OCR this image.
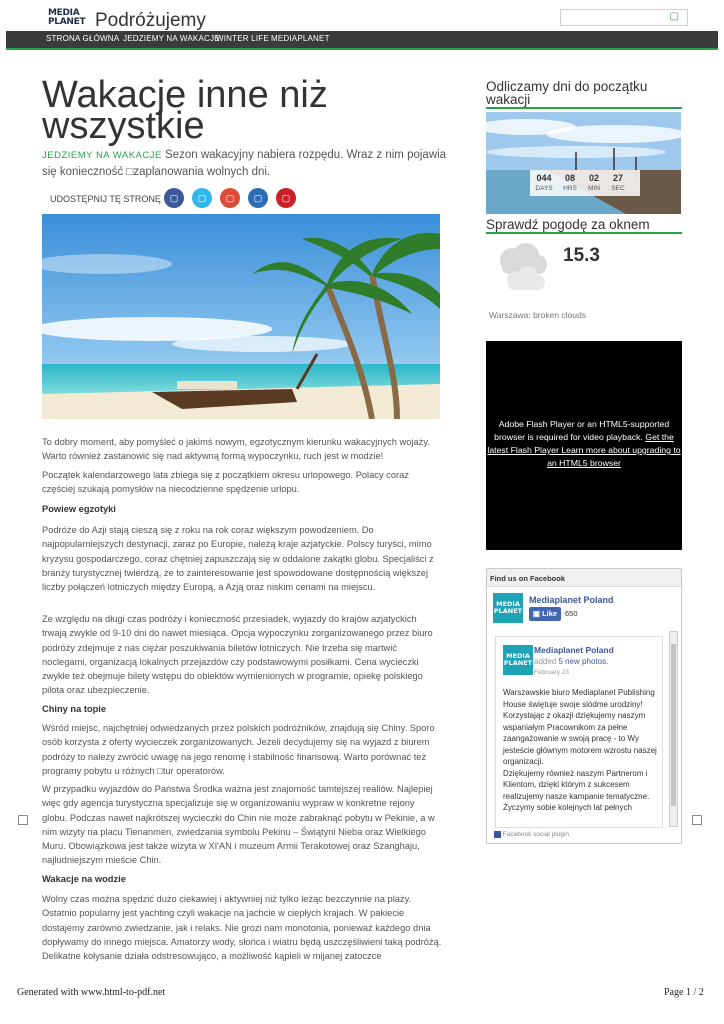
MEDIA
PLANET Podróżujemy	▢
STRONA GŁÓWNA JEDZIEMY NA WAKACJE
WINTER LIFE MEDIAPLANET
Wakacje inne niż wszystkie
JEDZIEMY NA WAKACJE Sezon wakacyjny nabiera rozpędu. Wraz z nim pojawia się konieczność □zaplanowania wolnych dni.
UDOSTĘPNIJ TĘ STRONĘ ▢	▢	▢	▢	▢

To dobry moment, aby pomyśleć o jakimś nowym, egzotycznym kierunku wakacyjnych wojaży. Warto również zastanowić się nad aktywną formą wypoczynku, ruch jest w modzie!

Początek kalendarzowego lata zbiega się z początkiem okresu urlopowego. Polacy coraz częściej szukają pomysłów na niecodzienne spędzenie urlopu.

Powiew egzotyki

Podróże do Azji stają cieszą się z roku na rok coraz większym powodzeniem. Do najpopularniejszych destynacji, zaraz po Europie, należą kraje azjatyckie. Polscy turyści, mimo kryzysu gospodarczego, coraz chętniej zapuszczają się w oddalone zakątki globu. Specjaliści z branży turystycznej twierdzą, że to zainteresowanie jest spowodowane dostępnością większej liczby połączeń lotniczych między Europą, a Azją oraz niskim cenami na miejscu.

Ze względu na długi czas podróży i konieczność przesiadek, wyjazdy do krajów azjatyckich trwają zwykle od 9-10 dni do nawet miesiąca. Opcja wypoczynku zorganizowanego przez biuro podróży zdejmuje z nas ciężar poszukiwania biletów lotniczych. Nie trzeba się martwić noclegami, organizacją lokalnych przejazdów czy podstawowymi posiłkami. Cena wycieczki zwykle też obejmuje bilety wstępu do obiektów wymienionych w programie, opiekę polskiego pilota oraz ubezpieczenie.

Chiny na topie

Wśród miejsc, najchętniej odwiedzanych przez polskich podróżników, znajdują się Chiny. Sporo osób korzysta z oferty wycieczek zorganizowanych. Jeżeli decydujemy się na wyjazd z biurem podróży to należy zwrócić uwagę na jego renomę i stabilność finansową. Warto porównać też programy pobytu u różnych □tur operatorów.

W przypadku wyjazdów do Państwa Środka ważna jest znajomość tamtejszej realiów. Najlepiej więc gdy agencja turystyczna specjalizuje się w organizowaniu wypraw w konkretne rejony globu. Podczas nawet najkrótszej wycieczki do Chin nie może zabraknąć pobytu w Pekinie, a w nim wizyty na placu Tienanmen, zwiedzania symbolu Pekinu – Świątyni Nieba oraz Wielkiego Muru. Obowiązkowa jest także wizyta w XI'AN i muzeum Armii Terakotowej oraz Szanghaju, najludniejszym mieście Chin.

Wakacje na wodzie

Wolny czas można spędzić dużo ciekawiej i aktywniej niż tylko leżąc bezczynnie na plaży. Ostatnio popularny jest yachting czyli wakacje na jachcie w ciepłych krajach. W pakiecie dostajemy zarówno zwiedzanie, jak i relaks. Nie grozi nam monotonia, ponieważ każdego dnia dopływamy do innego miejsca. Amatorzy wody, słońca i wiatru będą uszczęśliwieni taką podróżą. Delikatne kołysanie działa odstresowująco, a możliwość kąpieli w mijanej zatoczce

Odliczamy dni do początku wakacji
044	08	02	27
DAYS	HRS	MIN	SEC
Sprawdź pogodę za oknem
15.3
Warszawa: broken clouds
Adobe Flash Player or an HTML5-supported browser is required for video playback. Get the latest Flash Player Learn more about upgrading to an HTML5 browser
Find us on Facebook
MEDIA
PLANET
Mediaplanet Poland
▣ Like	650
MEDIA
PLANET
Mediaplanet Poland
added 5 new photos.
February 23
Warszawskie biuro Mediaplanet Publishing House świętuje swoje siódme urodziny!
Korzystając z okazji dziękujemy naszym wspaniałym Pracownikom za pełne zaangażowanie w swoją pracę - to Wy jesteście głównym motorem wzrostu naszej organizacji.
Dziękujemy również naszym Partnerom i Klientom, dzięki którym z sukcesem realizujemy nasze kampanie tematyczne.
Życzymy sobie kolejnych lat pełnych
Facebook social plugin
□	□
Generated with www.html-to-pdf.net	Page 1 / 2
